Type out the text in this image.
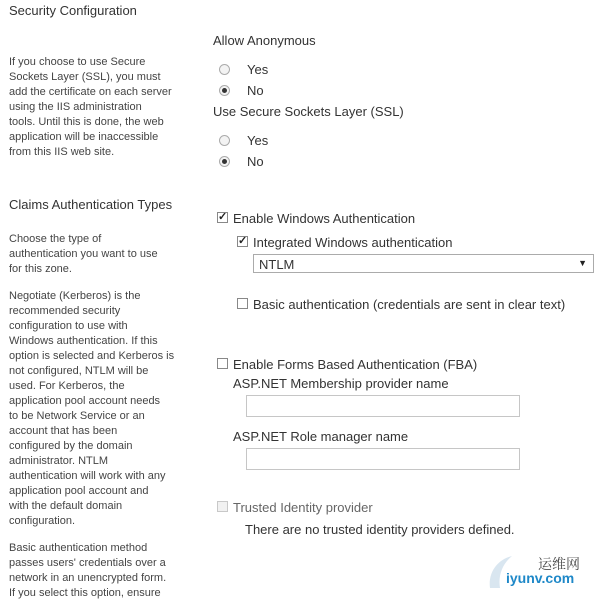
Security Configuration
If you choose to use Secure
Sockets Layer (SSL), you must
add the certificate on each server
using the IIS administration
tools. Until this is done, the web
application will be inaccessible
from this IIS web site.
Allow Anonymous
Yes
No
Use Secure Sockets Layer (SSL)
Yes
No
Claims Authentication Types
Choose the type of
authentication you want to use
for this zone.
Negotiate (Kerberos) is the
recommended security
configuration to use with
Windows authentication. If this
option is selected and Kerberos is
not configured, NTLM will be
used. For Kerberos, the
application pool account needs
to be Network Service or an
account that has been
configured by the domain
administrator. NTLM
authentication will work with any
application pool account and
with the default domain
configuration.
Basic authentication method
passes users' credentials over a
network in an unencrypted form.
If you select this option, ensure
✓ Enable Windows Authentication
✓ Integrated Windows authentication
NTLM	▼
Basic authentication (credentials are sent in clear text)
Enable Forms Based Authentication (FBA)
ASP.NET Membership provider name
ASP.NET Role manager name
Trusted Identity provider
There are no trusted identity providers defined.
运维网
iyunv.com
